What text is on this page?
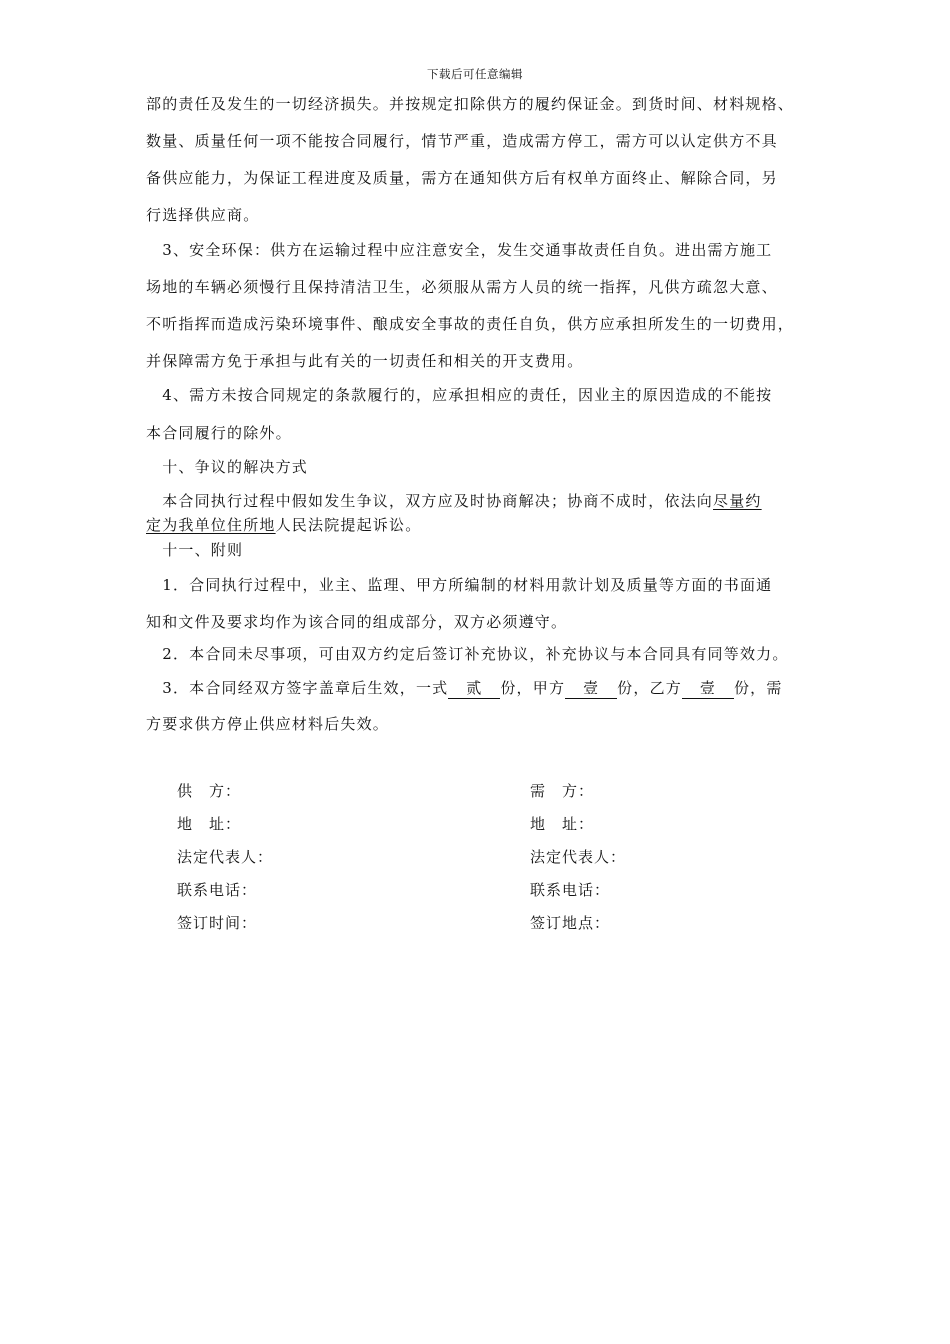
下载后可任意编辑
部的责任及发生的一切经济损失。并按规定扣除供方的履约保证金。到货时间、材料规格、
数量、质量任何一项不能按合同履行，情节严重，造成需方停工，需方可以认定供方不具
备供应能力，为保证工程进度及质量，需方在通知供方后有权单方面终止、解除合同，另
行选择供应商。
　3、安全环保：供方在运输过程中应注意安全，发生交通事故责任自负。进出需方施工
场地的车辆必须慢行且保持清洁卫生，必须服从需方人员的统一指挥，凡供方疏忽大意、
不听指挥而造成污染环境事件、酿成安全事故的责任自负，供方应承担所发生的一切费用，
并保障需方免于承担与此有关的一切责任和相关的开支费用。
　4、需方未按合同规定的条款履行的，应承担相应的责任，因业主的原因造成的不能按
本合同履行的除外。
　十、争议的解决方式
　本合同执行过程中假如发生争议，双方应及时协商解决；协商不成时，依法向尽量约
定为我单位住所地人民法院提起诉讼。
　十一、附则
　1．合同执行过程中，业主、监理、甲方所编制的材料用款计划及质量等方面的书面通
知和文件及要求均作为该合同的组成部分，双方必须遵守。
　2．本合同未尽事项，可由双方约定后签订补充协议，补充协议与本合同具有同等效力。
　3．本合同经双方签字盖章后生效，一式 贰 份，甲方 壹 份，乙方 壹 份，需
方要求供方停止供应材料后失效。
供　方：
地　址：
法定代表人：
联系电话：
签订时间：
需　方：
地　址：
法定代表人：
联系电话：
签订地点：
